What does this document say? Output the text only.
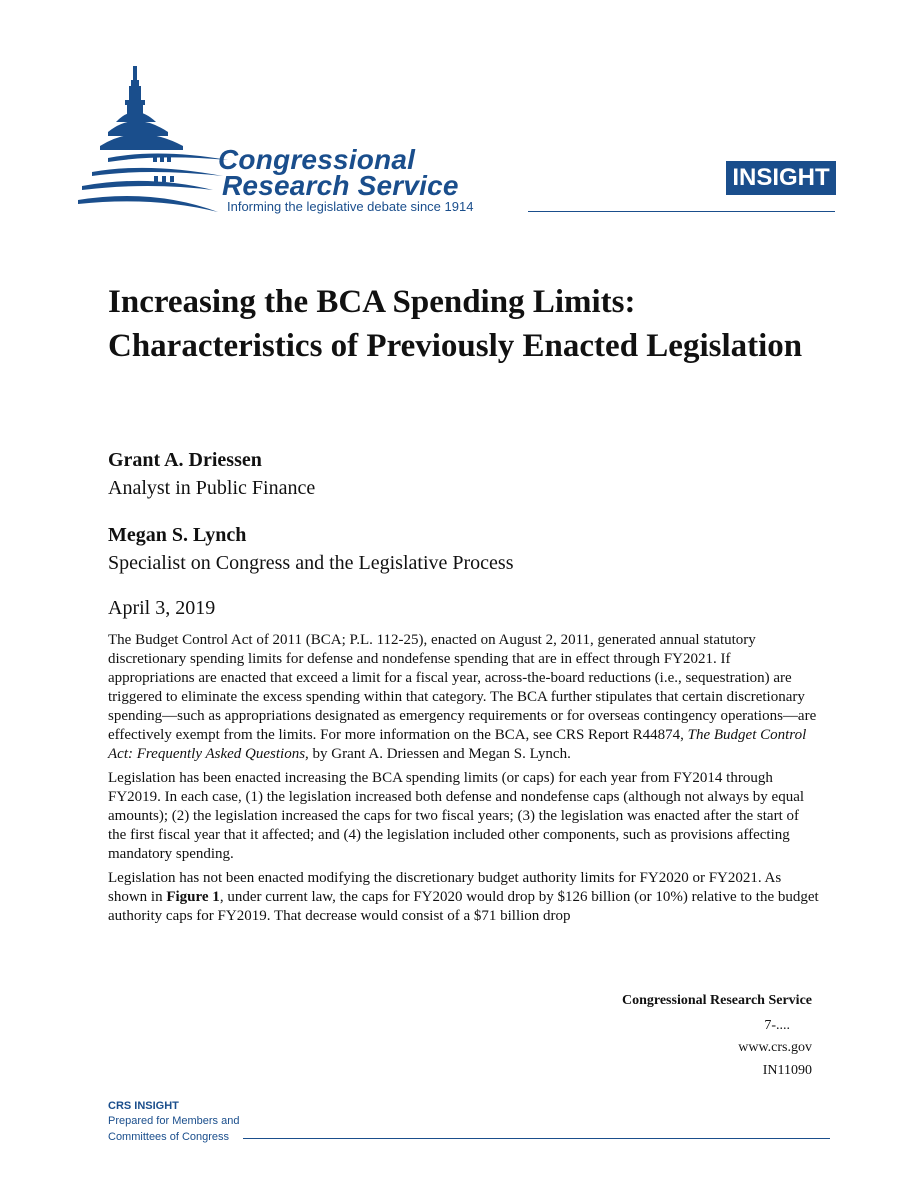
Congressional
Research Service
Informing the legislative debate since 1914
INSIGHT
Increasing the BCA Spending Limits: Characteristics of Previously Enacted Legislation
Grant A. Driessen
Analyst in Public Finance
Megan S. Lynch
Specialist on Congress and the Legislative Process
April 3, 2019

The Budget Control Act of 2011 (BCA; P.L. 112-25), enacted on August 2, 2011, generated annual statutory discretionary spending limits for defense and nondefense spending that are in effect through FY2021. If appropriations are enacted that exceed a limit for a fiscal year, across-the-board reductions (i.e., sequestration) are triggered to eliminate the excess spending within that category. The BCA further stipulates that certain discretionary spending—such as appropriations designated as emergency requirements or for overseas contingency operations—are effectively exempt from the limits. For more information on the BCA, see CRS Report R44874, The Budget Control Act: Frequently Asked Questions, by Grant A. Driessen and Megan S. Lynch.

Legislation has been enacted increasing the BCA spending limits (or caps) for each year from FY2014 through FY2019. In each case, (1) the legislation increased both defense and nondefense caps (although not always by equal amounts); (2) the legislation increased the caps for two fiscal years; (3) the legislation was enacted after the start of the first fiscal year that it affected; and (4) the legislation included other components, such as provisions affecting mandatory spending.

Legislation has not been enacted modifying the discretionary budget authority limits for FY2020 or FY2021. As shown in Figure 1, under current law, the caps for FY2020 would drop by $126 billion (or 10%) relative to the budget authority caps for FY2019. That decrease would consist of a $71 billion drop

Congressional Research Service
7-....
www.crs.gov
IN11090
CRS INSIGHT
Prepared for Members and
Committees of Congress
